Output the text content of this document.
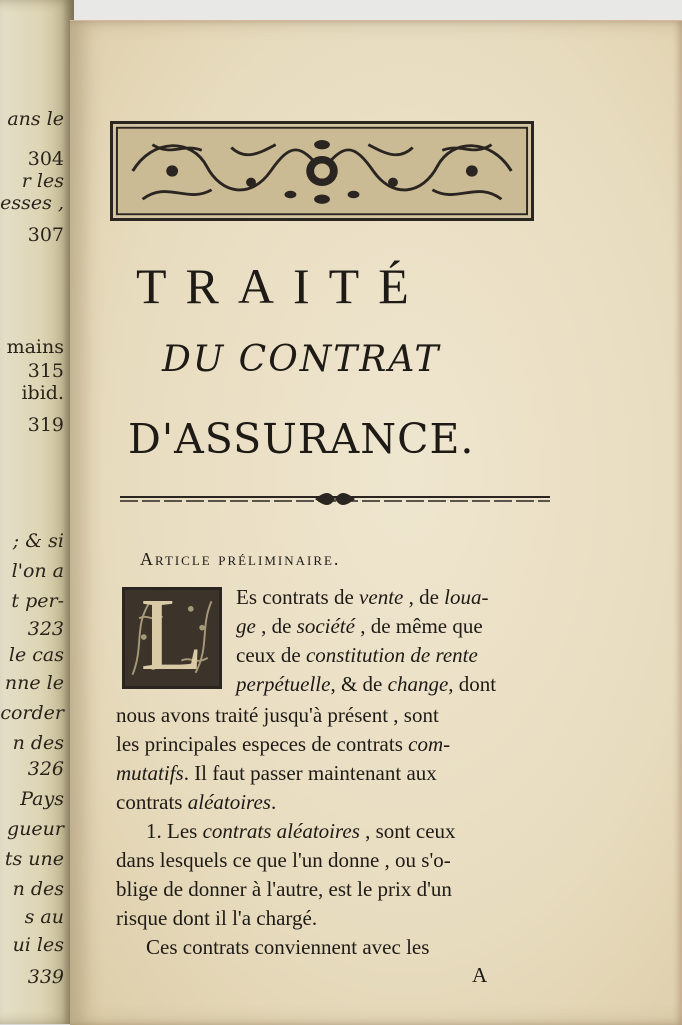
ans le
304
r les
esses ,
307
mains
315
ibid.
319
; & si
l'on a
t per-
323
le cas
nne le
corder
n des
326
Pays
gueur
ts une
n des
s au
ui les
339
TRAITÉ
DU CONTRAT
D'ASSURANCE.
Article préliminaire.
L	Es contrats de vente , de loua-
ge , de société , de même que
ceux de constitution de rente
perpétuelle, & de change, dont
nous avons traité jusqu'à présent , sont
les principales especes de contrats com-
mutatifs. Il faut passer maintenant aux
contrats aléatoires.
1. Les contrats aléatoires , sont ceux
dans lesquels ce que l'un donne , ou s'o-
blige de donner à l'autre, est le prix d'un
risque dont il l'a chargé.
Ces contrats conviennent avec les
A
